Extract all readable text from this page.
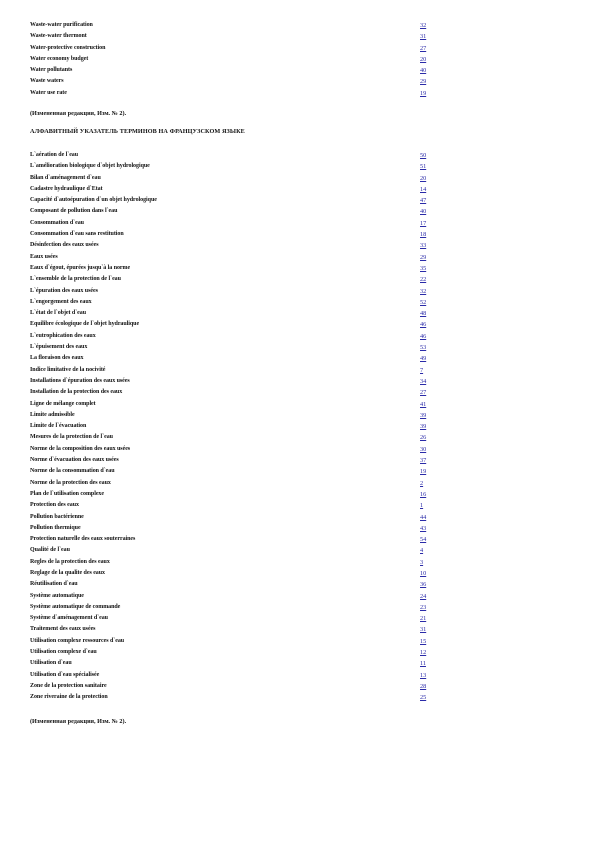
Waste-water purification	32
Waste-water thermont	31
Water-protective construction	27
Water economy budget	20
Water pollutants	40
Waste waters	29
Water use rate	19
(Измененная редакция, Изм. № 2).
АЛФАВИТНЫЙ УКАЗАТЕЛЬ ТЕРМИНОВ НА ФРАНЦУЗСКОМ ЯЗЫКЕ
L`aération de l`eau	50
L`amélioration biologique d`objet hydrologique	51
Bilan d`aménagement d`eau	20
Cadastre hydraulique d`Etat	14
Capacité d`autoépuration d`un objet hydrologique	47
Composant de pollution dans l`eau	40
Consommation d`eau	17
Consommation d`eau sans restitution	18
Désinfection des eaux usées	33
Eaux usées	29
Eaux d`égout, épurées jusqu`à la norme	35
L`ensemble de la protection de l`eau	22
L`épuration des eaux usées	32
L`engorgement des eaux	52
L`état de l`objet d`eau	48
Equilibre écologique de l`objet hydraulique	46
L`eutrophication des eaux	46
L`épuisement des eaux	53
La floraison des eaux	49
Indice limitative de la nocivité	7
Installations d`épuration des eaux usées	34
Installation de la protection des eaux	27
Ligne de mélange complet	41
Limite admissible	39
Limite de l`évacuation	39
Mesures de la protection de l`eau	26
Norme de la composition des eaux usées	30
Norme d`évacuation des eaux usées	37
Norme de la consommation d`eau	19
Norme de la protection des eaux	2
Plan de l`utilisation complexe	16
Protection des eaux	1
Pollution bactérienne	44
Pollution thermique	43
Protection naturelle des eaux souterraines	54
Qualité de l`eau	4
Regles de la protection des eaux	3
Reglage de la qualite des eaux	10
Réutilisation d`eau	36
Système automatique	24
Système automatique de commande	23
Système d`aménagement d`eau	21
Traitement des eaux usées	31
Utilisation complexe ressources d`eau	15
Utilisation complexe d`eau	12
Utilisation d`eau	11
Utilisation d`eau spécialisée	13
Zone de la protection sanitaire	28
Zone riveraine de la protection	25
(Измененная редакция, Изм. № 2).
